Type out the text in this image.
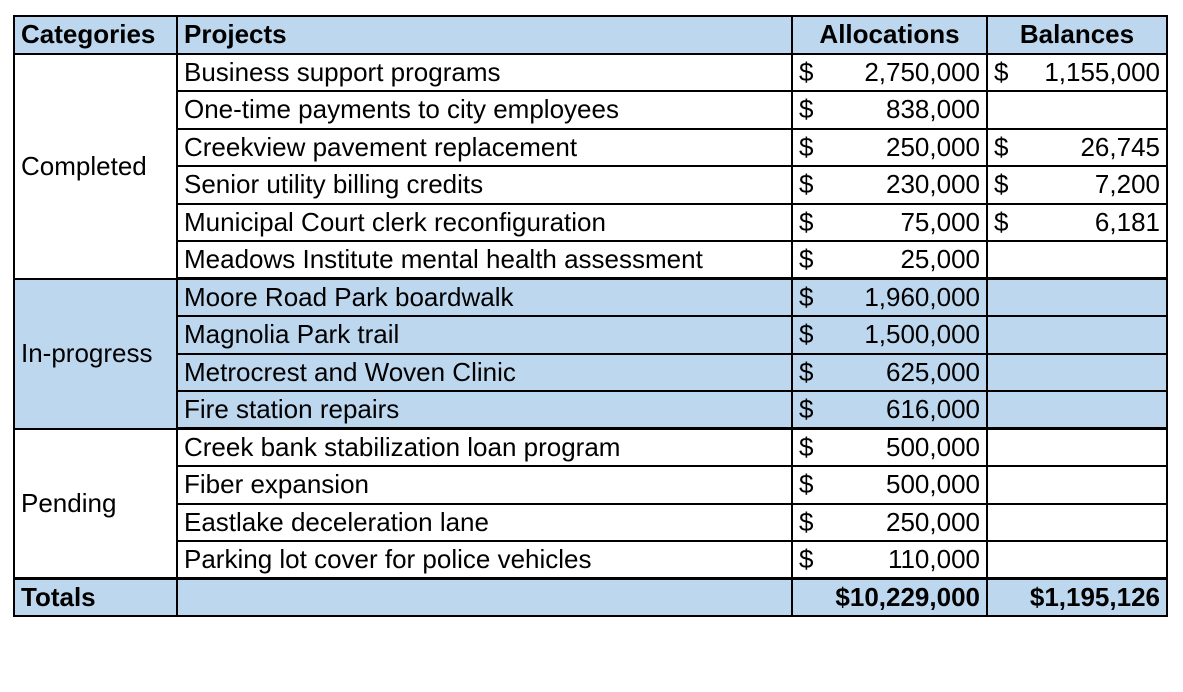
Categories	Projects	Allocations	Balances
Completed	Business support programs	$ 2,750,000	$ 1,155,000

	One-time payments to city employees	$ 838,000	

	Creekview pavement replacement	$ 250,000	$ 26,745

	Senior utility billing credits	$ 230,000	$ 7,200

	Municipal Court clerk reconfiguration	$ 75,000	$ 6,181

	Meadows Institute mental health assessment	$ 25,000	

In-progress	Moore Road Park boardwalk	$ 1,960,000	

	Magnolia Park trail	$ 1,500,000	

	Metrocrest and Woven Clinic	$ 625,000	

	Fire station repairs	$ 616,000	

Pending	Creek bank stabilization loan program	$ 500,000	

	Fiber expansion	$ 500,000	

	Eastlake deceleration lane	$ 250,000	

	Parking lot cover for police vehicles	$ 110,000	

Totals		$10,229,000	$1,195,126
